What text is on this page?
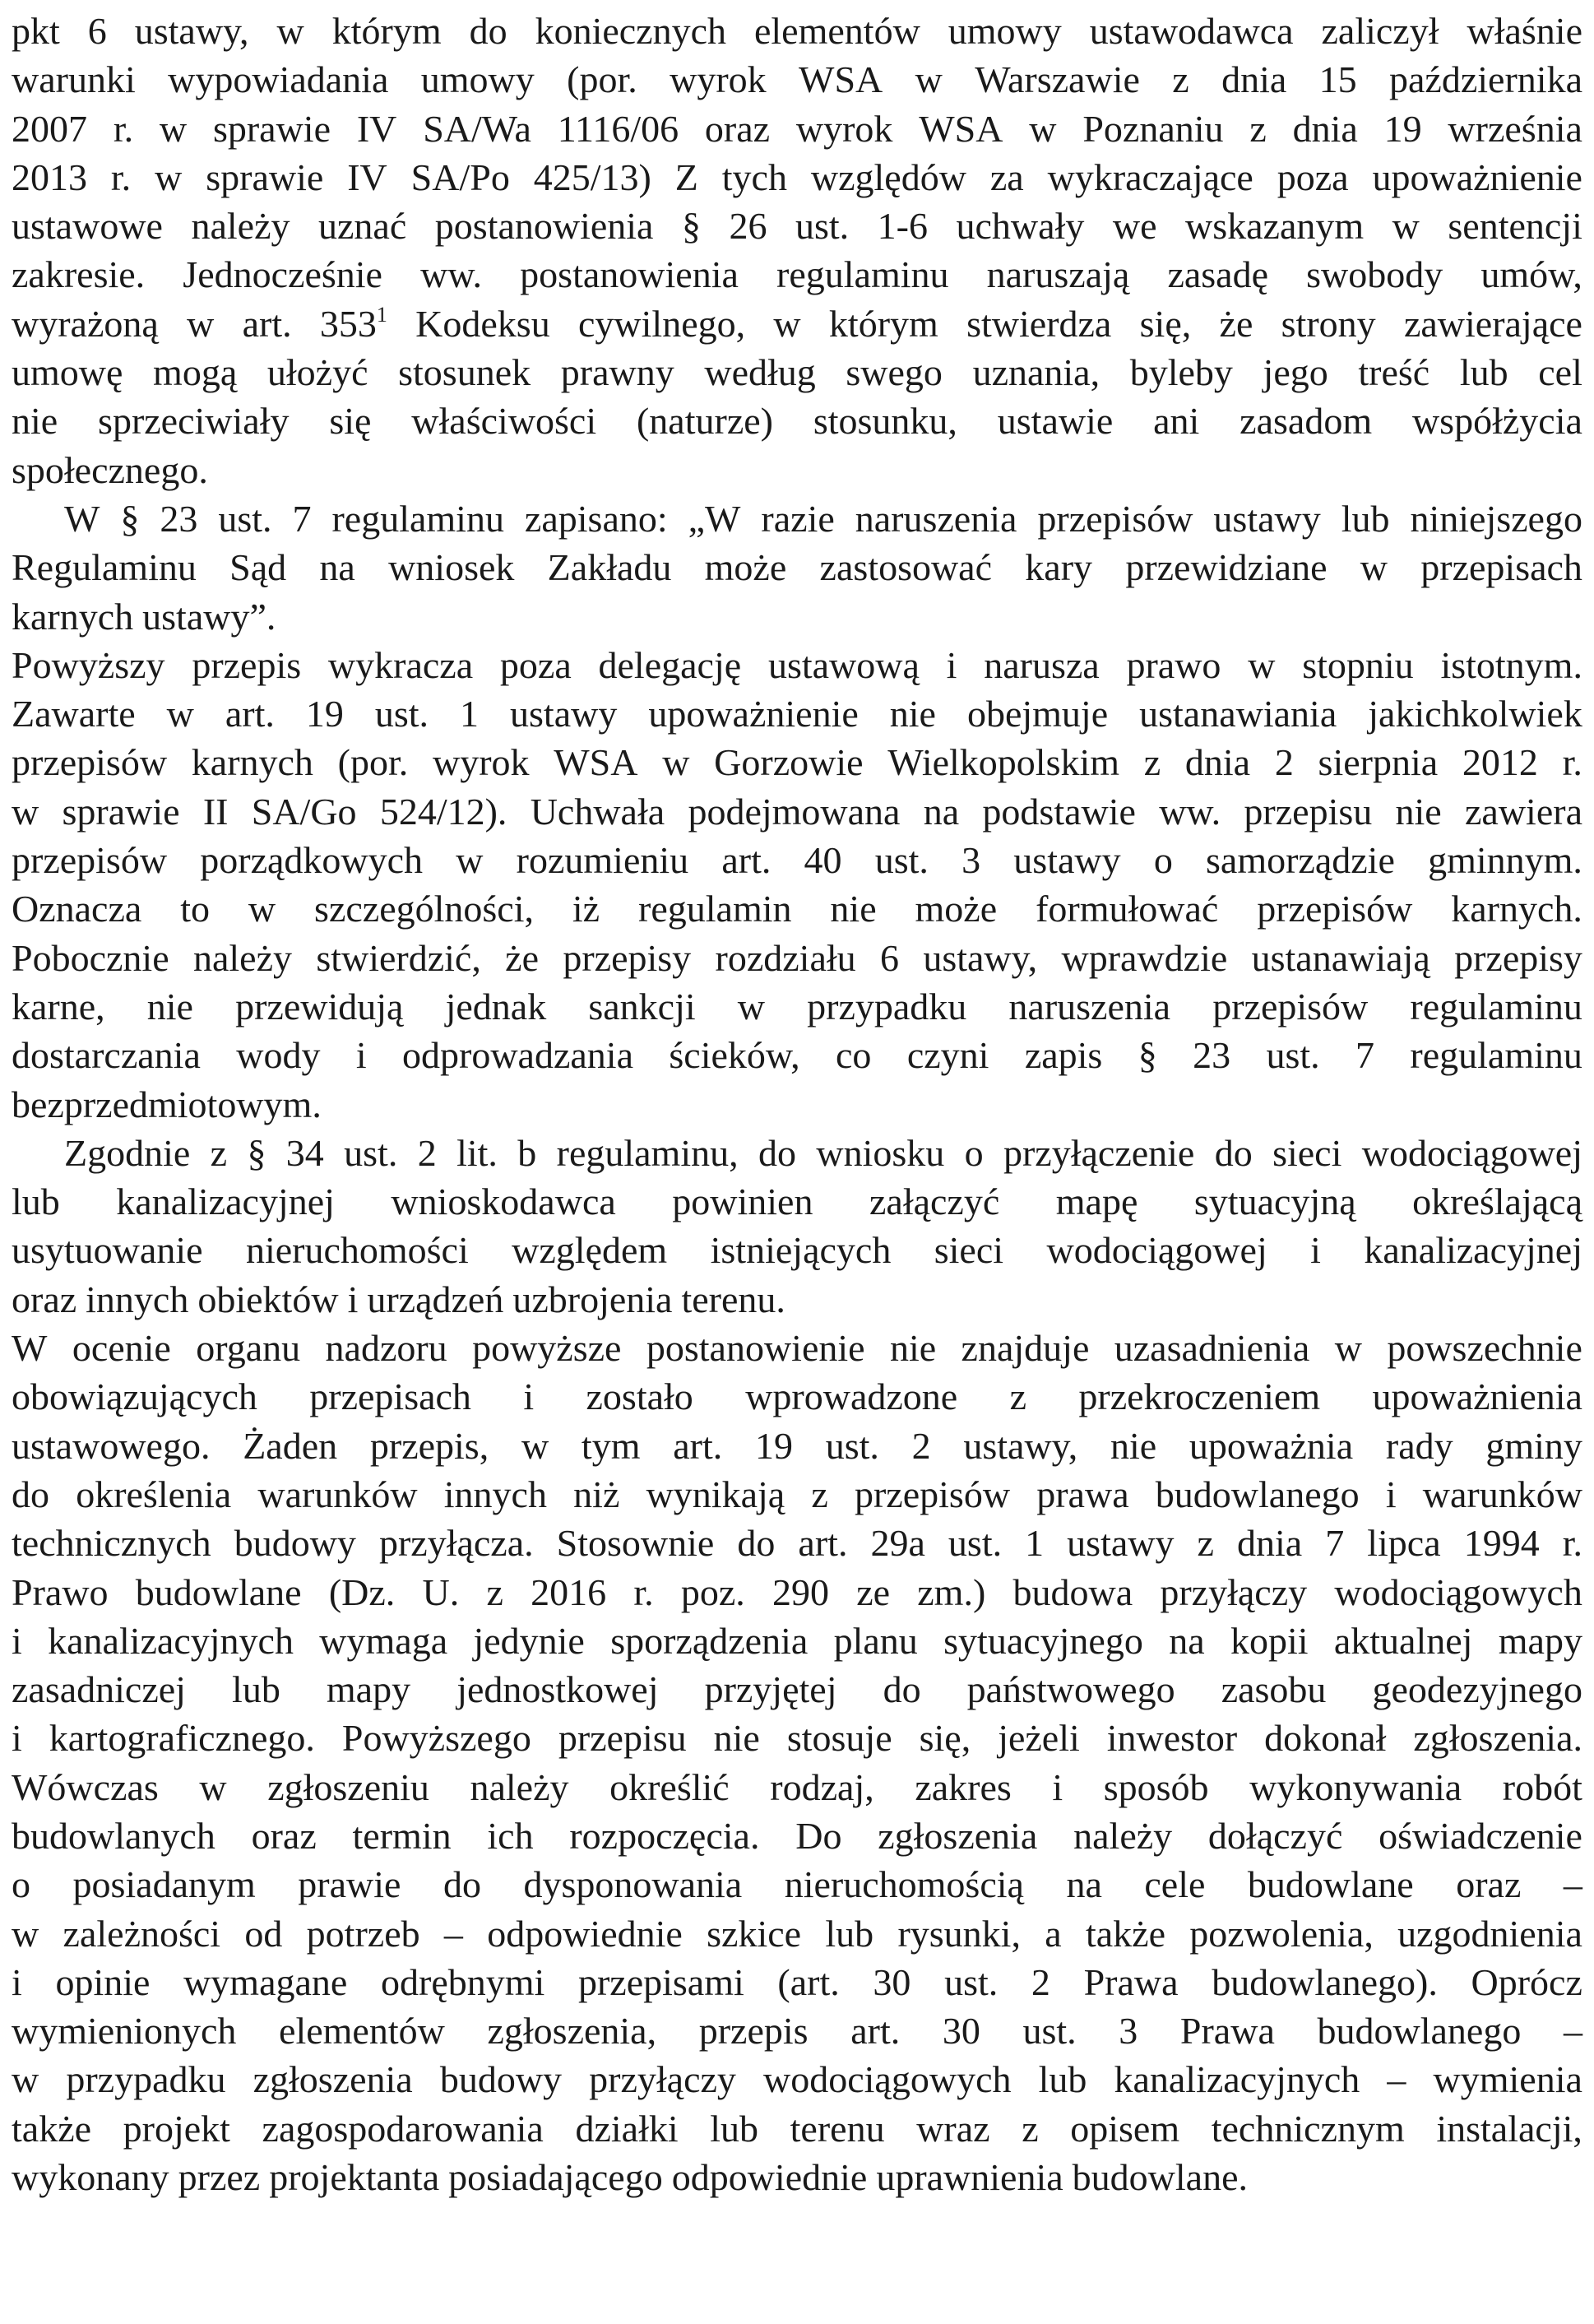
pkt 6 ustawy, w którym do koniecznych elementów umowy ustawodawca zaliczył właśnie
warunki wypowiadania umowy (por. wyrok WSA w Warszawie z dnia 15 października
2007 r. w sprawie IV SA/Wa 1116/06 oraz wyrok WSA w Poznaniu z dnia 19 września
2013 r. w sprawie IV SA/Po 425/13) Z tych względów za wykraczające poza upoważnienie
ustawowe należy uznać postanowienia § 26 ust. 1-6 uchwały we wskazanym w sentencji
zakresie. Jednocześnie ww. postanowienia regulaminu naruszają zasadę swobody umów,
wyrażoną w art. $353^1$ Kodeksu cywilnego, w którym stwierdza się, że strony zawierające
umowę mogą ułożyć stosunek prawny według swego uznania, byleby jego treść lub cel
nie sprzeciwiały się właściwości (naturze) stosunku, ustawie ani zasadom współżycia
społecznego.
W § 23 ust. 7 regulaminu zapisano: „W razie naruszenia przepisów ustawy lub niniejszego
Regulaminu Sąd na wniosek Zakładu może zastosować kary przewidziane w przepisach
karnych ustawy”.
Powyższy przepis wykracza poza delegację ustawową i narusza prawo w stopniu istotnym.
Zawarte w art. 19 ust. 1 ustawy upoważnienie nie obejmuje ustanawiania jakichkolwiek
przepisów karnych (por. wyrok WSA w Gorzowie Wielkopolskim z dnia 2 sierpnia 2012 r.
w sprawie II SA/Go 524/12). Uchwała podejmowana na podstawie ww. przepisu nie zawiera
przepisów porządkowych w rozumieniu art. 40 ust. 3 ustawy o samorządzie gminnym.
Oznacza to w szczególności, iż regulamin nie może formułować przepisów karnych.
Pobocznie należy stwierdzić, że przepisy rozdziału 6 ustawy, wprawdzie ustanawiają przepisy
karne, nie przewidują jednak sankcji w przypadku naruszenia przepisów regulaminu
dostarczania wody i odprowadzania ścieków, co czyni zapis § 23 ust. 7 regulaminu
bezprzedmiotowym.
Zgodnie z § 34 ust. 2 lit. b regulaminu, do wniosku o przyłączenie do sieci wodociągowej
lub kanalizacyjnej wnioskodawca powinien załączyć mapę sytuacyjną określającą
usytuowanie nieruchomości względem istniejących sieci wodociągowej i kanalizacyjnej
oraz innych obiektów i urządzeń uzbrojenia terenu.
W ocenie organu nadzoru powyższe postanowienie nie znajduje uzasadnienia w powszechnie
obowiązujących przepisach i zostało wprowadzone z przekroczeniem upoważnienia
ustawowego. Żaden przepis, w tym art. 19 ust. 2 ustawy, nie upoważnia rady gminy
do określenia warunków innych niż wynikają z przepisów prawa budowlanego i warunków
technicznych budowy przyłącza. Stosownie do art. 29a ust. 1 ustawy z dnia 7 lipca 1994 r.
Prawo budowlane (Dz. U. z 2016 r. poz. 290 ze zm.) budowa przyłączy wodociągowych
i kanalizacyjnych wymaga jedynie sporządzenia planu sytuacyjnego na kopii aktualnej mapy
zasadniczej lub mapy jednostkowej przyjętej do państwowego zasobu geodezyjnego
i kartograficznego. Powyższego przepisu nie stosuje się, jeżeli inwestor dokonał zgłoszenia.
Wówczas w zgłoszeniu należy określić rodzaj, zakres i sposób wykonywania robót
budowlanych oraz termin ich rozpoczęcia. Do zgłoszenia należy dołączyć oświadczenie
o posiadanym prawie do dysponowania nieruchomością na cele budowlane oraz –
w zależności od potrzeb – odpowiednie szkice lub rysunki, a także pozwolenia, uzgodnienia
i opinie wymagane odrębnymi przepisami (art. 30 ust. 2 Prawa budowlanego). Oprócz
wymienionych elementów zgłoszenia, przepis art. 30 ust. 3 Prawa budowlanego –
w przypadku zgłoszenia budowy przyłączy wodociągowych lub kanalizacyjnych – wymienia
także projekt zagospodarowania działki lub terenu wraz z opisem technicznym instalacji,
wykonany przez projektanta posiadającego odpowiednie uprawnienia budowlane.
